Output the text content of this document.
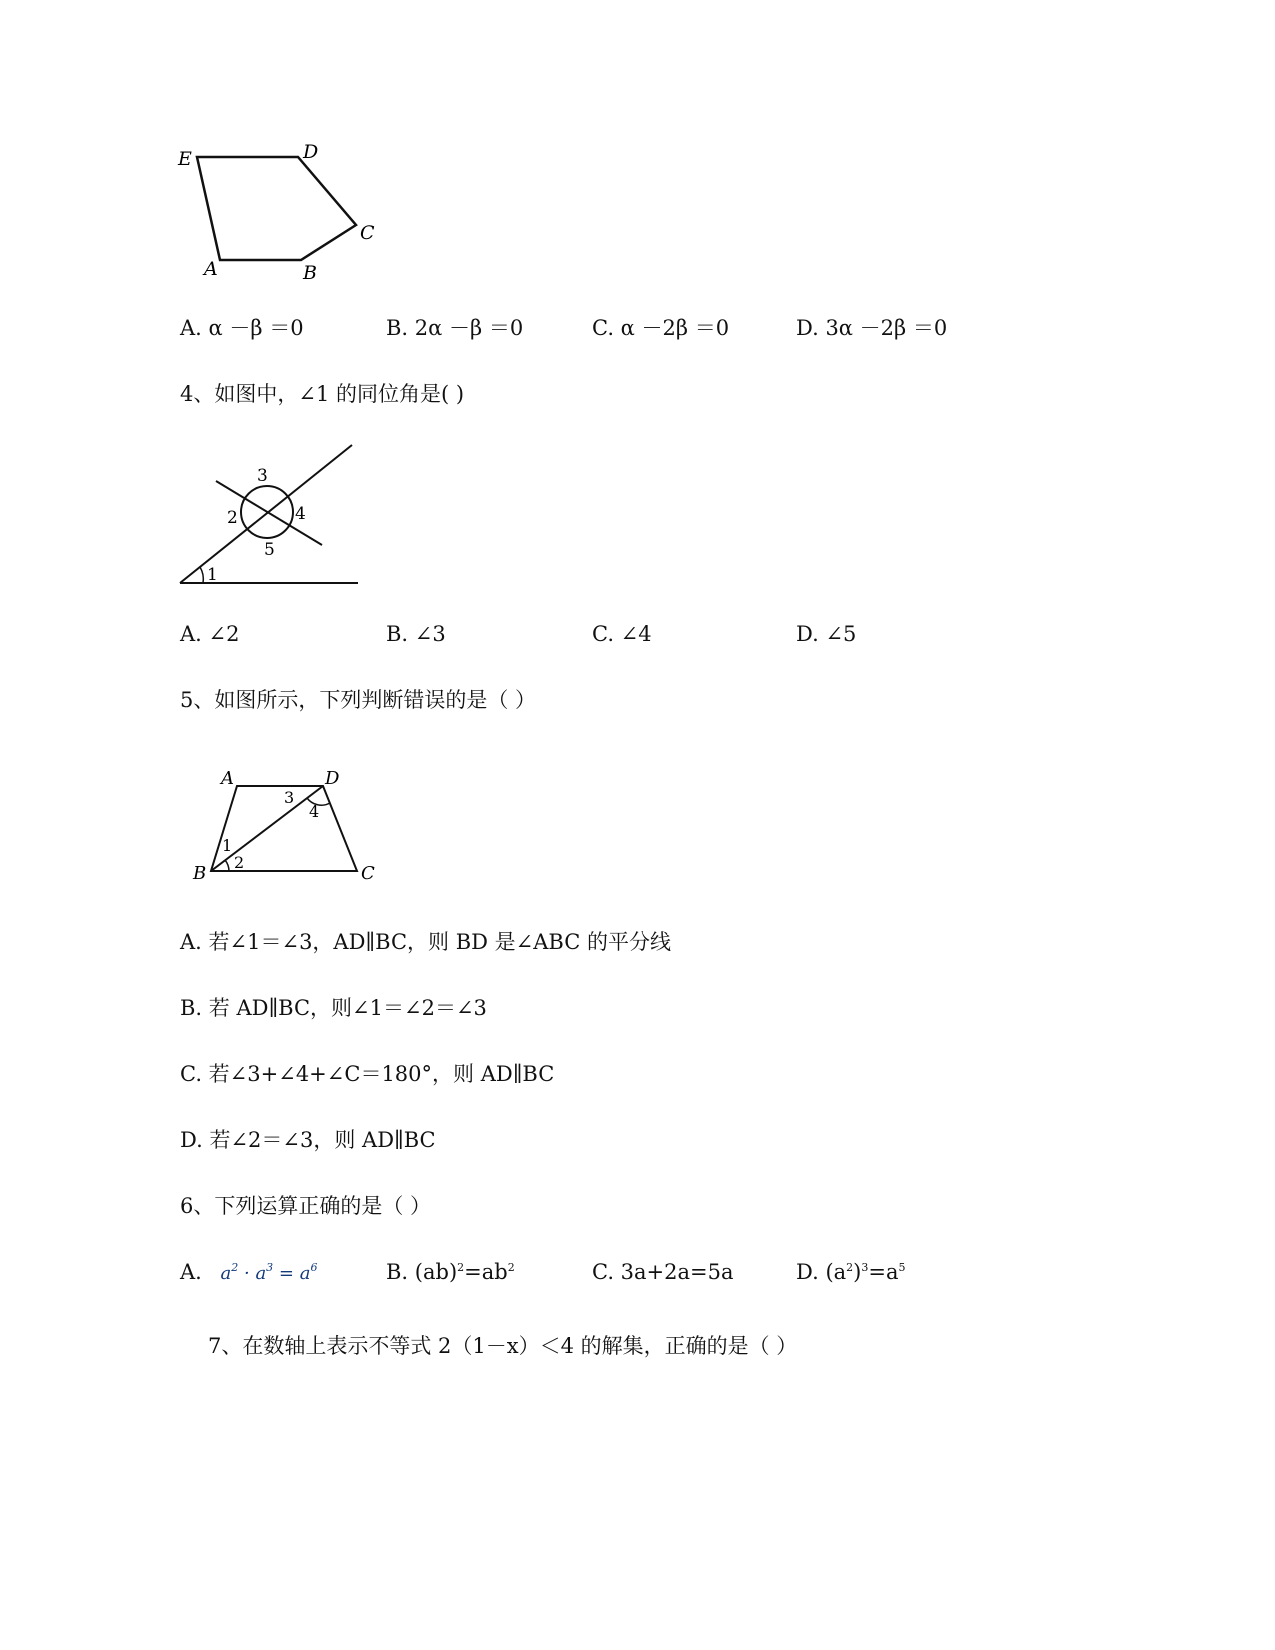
E	D
C
A	B
A. α －β ＝0	B. 2α －β ＝0	C. α －2β ＝0	D. 3α －2β ＝0
4、如图中，∠1 的同位角是( )
3
2	4
5
1
A. ∠2	B. ∠3	C. ∠4	D. ∠5
5、如图所示，下列判断错误的是（ ）
A	D
B	C
1
2
3
4
A. 若∠1＝∠3，AD∥BC，则 BD 是∠ABC 的平分线
B. 若 AD∥BC，则∠1＝∠2＝∠3
C. 若∠3+∠4+∠C＝180°，则 AD∥BC
D. 若∠2＝∠3，则 AD∥BC
6、下列运算正确的是（ ）
A. $a^2 \cdot a^3 = a^6$	B. $(ab)^2=ab^2$	C. 3a+2a=5a	D. $(a^2)^3=a^5$
7、在数轴上表示不等式 2（1－x）＜4 的解集，正确的是（ ）
